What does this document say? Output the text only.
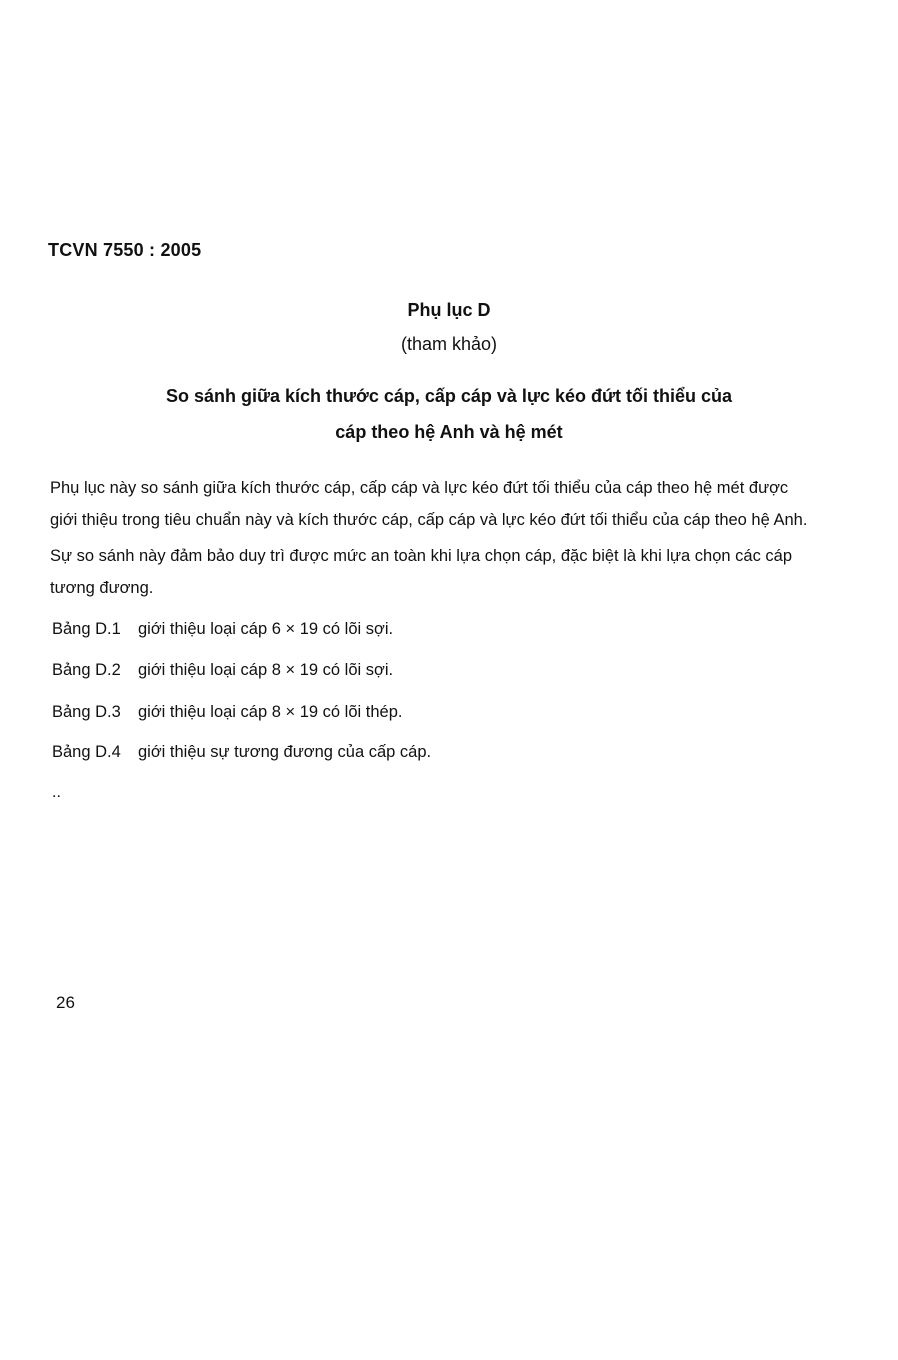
TCVN 7550 : 2005
Phụ lục D
(tham khảo)
So sánh giữa kích thước cáp, cấp cáp và lực kéo đứt tối thiểu của
cáp theo hệ Anh và hệ mét
Phụ lục này so sánh giữa kích thước cáp, cấp cáp và lực kéo đứt tối thiểu của cáp theo hệ mét được
giới thiệu trong tiêu chuẩn này và kích thước cáp, cấp cáp và lực kéo đứt tối thiểu của cáp theo hệ Anh.
Sự so sánh này đảm bảo duy trì được mức an toàn khi lựa chọn cáp, đặc biệt là khi lựa chọn các cáp
tương đương.
Bảng D.1 giới thiệu loại cáp 6 × 19 có lõi sợi.
Bảng D.2 giới thiệu loại cáp 8 × 19 có lõi sợi.
Bảng D.3 giới thiệu loại cáp 8 × 19 có lõi thép.
Bảng D.4 giới thiệu sự tương đương của cấp cáp.
..
26
